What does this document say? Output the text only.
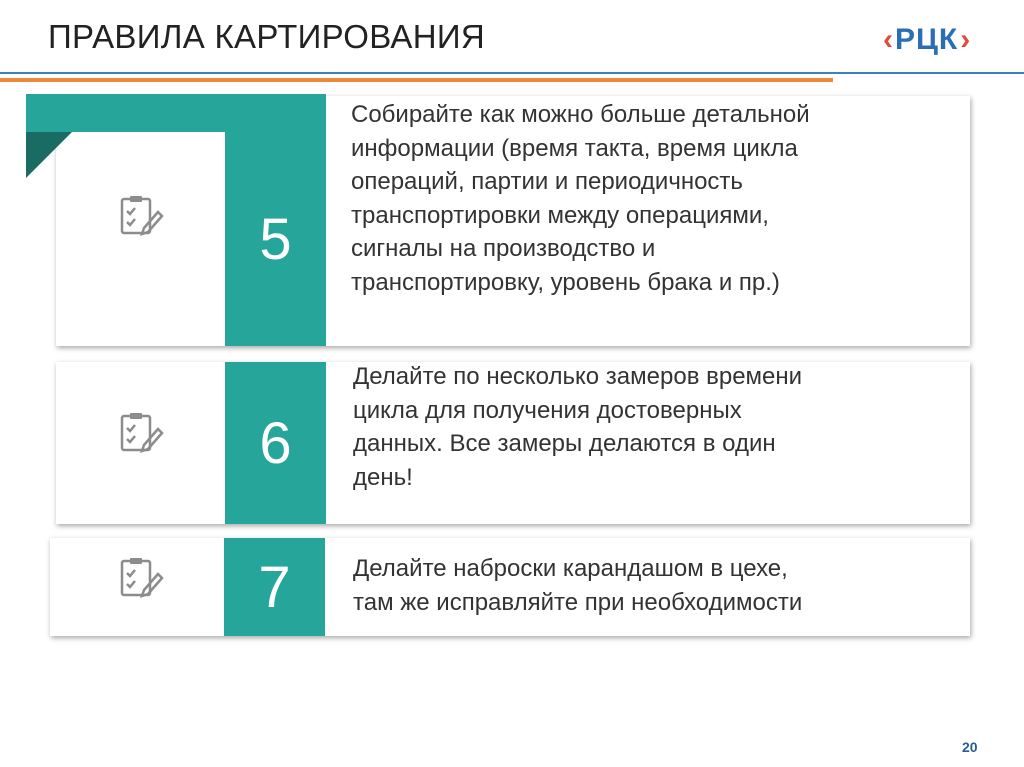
ПРАВИЛА КАРТИРОВАНИЯ	‹ РЦК ›
5
Собирайте как можно больше детальной
информации (время такта, время цикла
операций, партии и периодичность
транспортировки между операциями,
сигналы на производство и
транспортировку, уровень брака и пр.)
6
Делайте по несколько замеров времени
цикла для получения достоверных
данных. Все замеры делаются в один
день!
7	Делайте наброски карандашом в цехе,
там же исправляйте при необходимости
20
